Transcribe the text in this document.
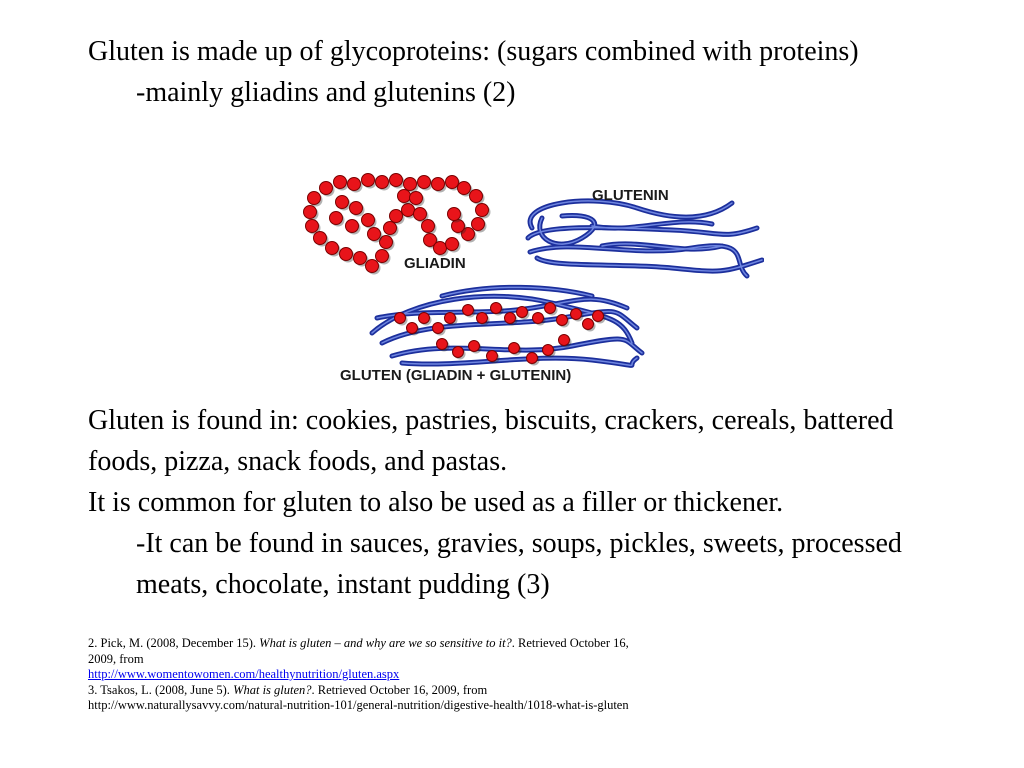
Gluten is made up of glycoproteins: (sugars combined with proteins)
-mainly gliadins and glutenins (2)

GLIADIN
GLUTENIN
GLUTEN (GLIADIN + GLUTENIN)

Gluten is found in: cookies, pastries, biscuits, crackers, cereals, battered foods, pizza, snack foods, and pastas.
It is common for gluten to also be used as a filler or thickener.
-It can be found in sauces, gravies, soups, pickles, sweets, processed meats, chocolate, instant pudding (3)

2. Pick, M. (2008, December 15). What is gluten – and why are we so sensitive to it?. Retrieved October 16,
2009, from
http://www.womentowomen.com/healthynutrition/gluten.aspx
3. Tsakos, L. (2008, June 5). What is gluten?. Retrieved October 16, 2009, from
http://www.naturallysavvy.com/natural-nutrition-101/general-nutrition/digestive-health/1018-what-is-gluten
